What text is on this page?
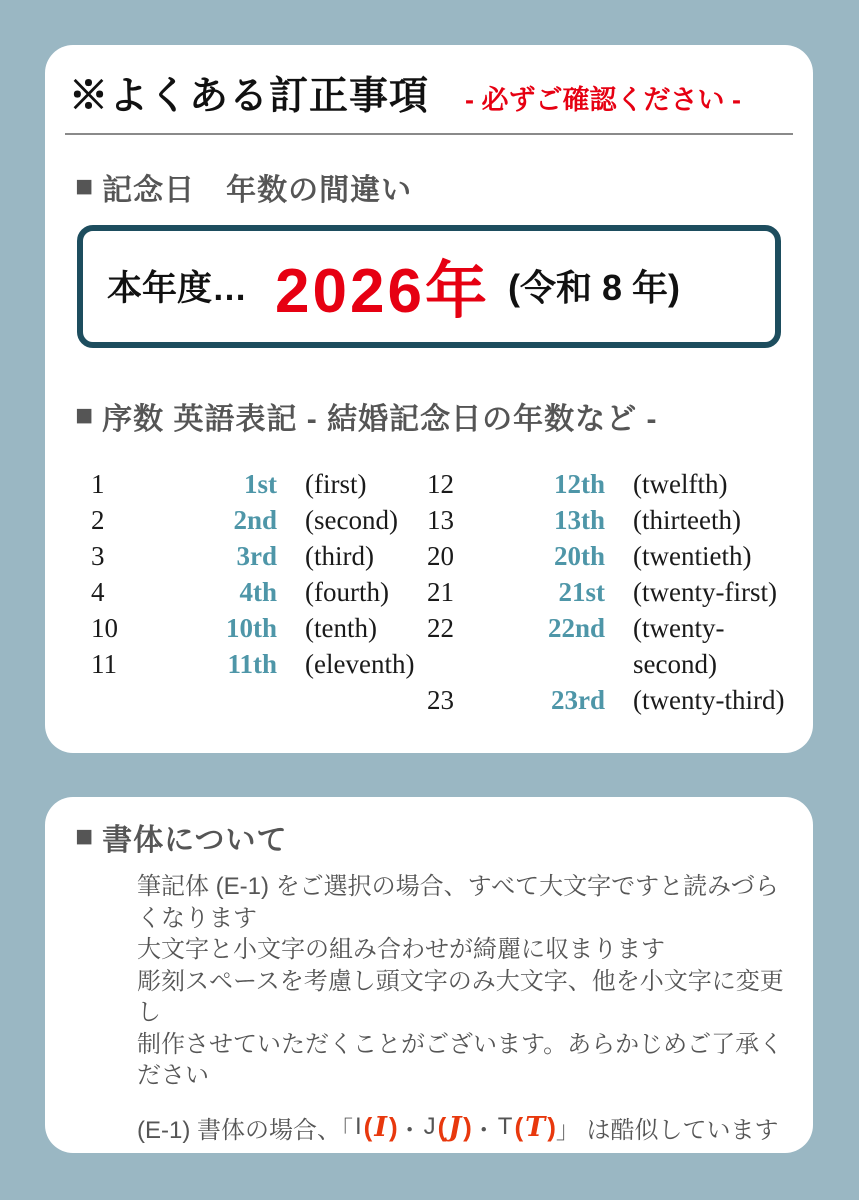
※よくある訂正事項 - 必ずご確認ください -
■ 記念日　年数の間違い
本年度… 2026年 (令和 8 年)
■ 序数 英語表記 - 結婚記念日の年数など -
1	1st (first)
2	2nd (second)
3	3rd (third)
4	4th (fourth)
10	10th (tenth)
11	11th (eleventh)
12	12th (twelfth)
13	13th (thirteeth)
20	20th (twentieth)
21	21st (twenty-first)
22	22nd (twenty-second)
23	23rd (twenty-third)
■ 書体について
筆記体 (E-1) をご選択の場合、すべて大文字ですと読みづらくなります
大文字と小文字の組み合わせが綺麗に収まります
彫刻スペースを考慮し頭文字のみ大文字、他を小文字に変更し
制作させていただくことがございます。あらかじめご了承ください
(E-1) 書体の場合、「 I ( I ) ・ J ( J ) ・ T ( T ) 」 は酷似しています
